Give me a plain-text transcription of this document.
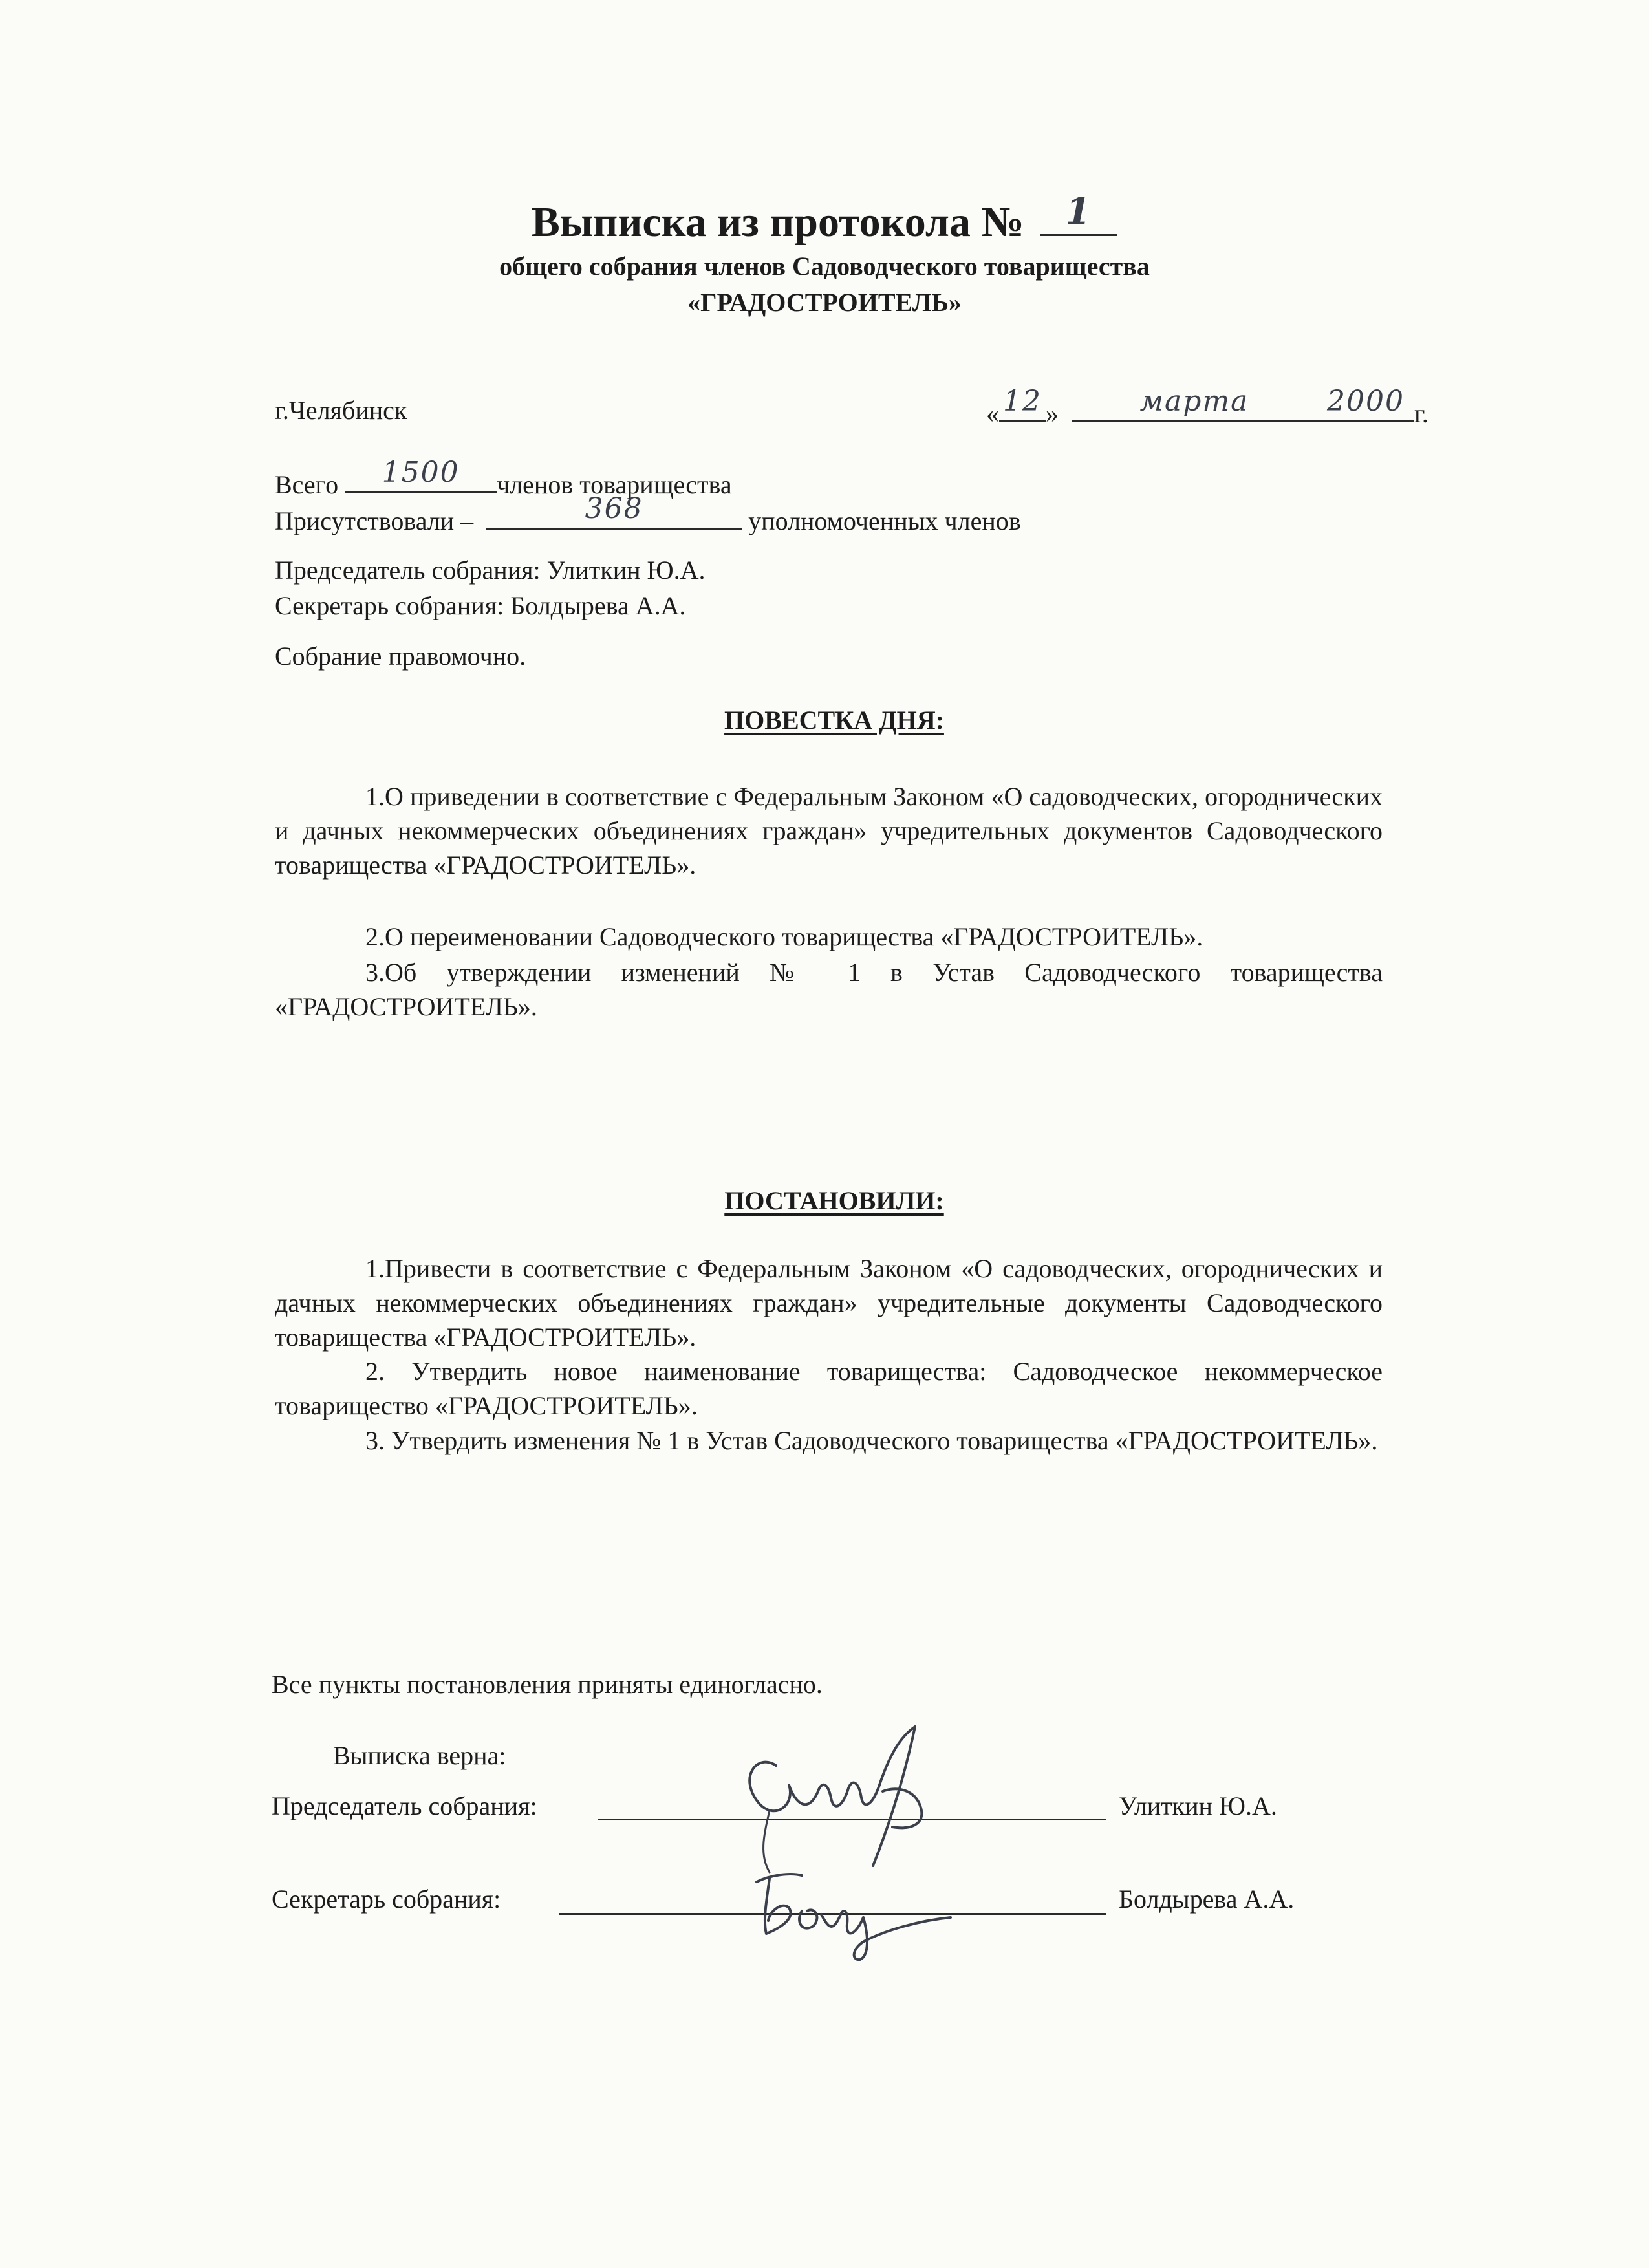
Выписка из протокола №	1
общего собрания членов Садоводческого товарищества
«ГРАДОСТРОИТЕЛЬ»
г.Челябинск	« 12 »	марта	2000 г.
Всего	1500	членов товарищества
Присутствовали –	368	уполномоченных членов
Председатель собрания: Улиткин Ю.А.
Секретарь собрания: Болдырева А.А.
Собрание правомочно.
ПОВЕСТКА ДНЯ:
1.О приведении в соответствие с Федеральным Законом «О садоводческих, огороднических и дачных некоммерческих объединениях граждан» учредительных документов Садоводческого товарищества «ГРАДОСТРОИТЕЛЬ».
2.О переименовании Садоводческого товарищества «ГРАДОСТРОИТЕЛЬ».
3.Об утверждении изменений № 1 в Устав Садоводческого товарищества «ГРАДОСТРОИТЕЛЬ».
ПОСТАНОВИЛИ:
1.Привести в соответствие с Федеральным Законом «О садоводческих, огороднических и дачных некоммерческих объединениях граждан» учредительные документы Садоводческого товарищества «ГРАДОСТРОИТЕЛЬ».
2. Утвердить новое наименование товарищества: Садоводческое некоммерческое товарищество «ГРАДОСТРОИТЕЛЬ».
3. Утвердить изменения № 1 в Устав Садоводческого товарищества «ГРАДОСТРОИТЕЛЬ».
Все пункты постановления приняты единогласно.
Выписка верна:
Председатель собрания:	Улиткин Ю.А.
Секретарь собрания:	Болдырева А.А.
